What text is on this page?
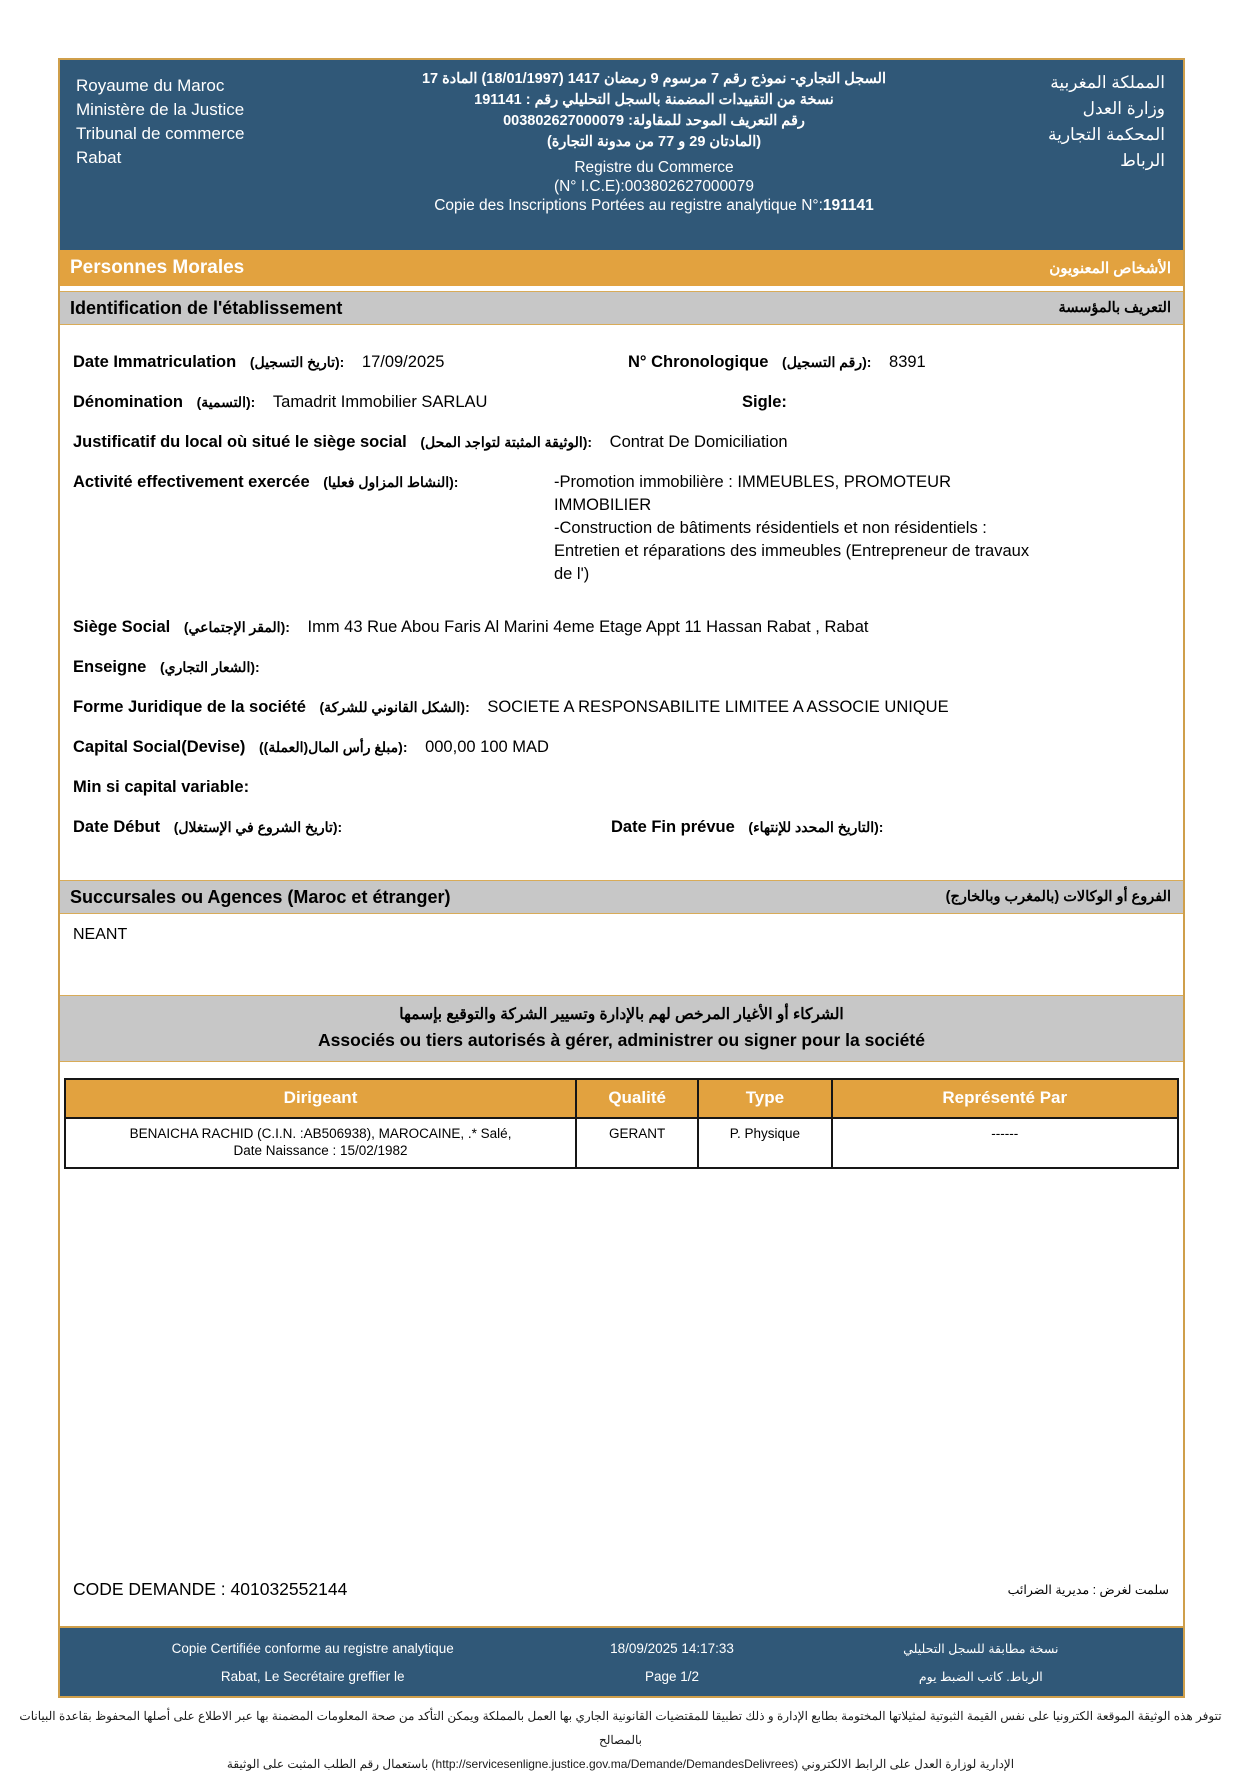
Royaume du Maroc
Ministère de la Justice
Tribunal de commerce
Rabat
السجل التجاري- نموذج رقم 7 مرسوم 9 رمضان 1417 (18/01/1997) المادة 17
نسخة من التقييدات المضمنة بالسجل التحليلي رقم : 191141
رقم التعريف الموحد للمقاولة: 003802627000079
(المادتان 29 و 77 من مدونة التجارة)
Registre du Commerce
(N° I.C.E):003802627000079
Copie des Inscriptions Portées au registre analytique N°:191141
المملكة المغربية
وزارة العدل
المحكمة التجارية
الرباط
Personnes Morales	الأشخاص المعنويون
Identification de l'établissement	التعريف بالمؤسسة
Date Immatriculation (تاريخ التسجيل): 17/09/2025	N° Chronologique (رقم التسجيل): 8391
Dénomination (التسمية): Tamadrit Immobilier SARLAU	Sigle:
Justificatif du local où situé le siège social (الوثيقة المثبتة لتواجد المحل): Contrat De Domiciliation
Activité effectivement exercée (النشاط المزاول فعليا):	-Promotion immobilière : IMMEUBLES, PROMOTEUR
IMMOBILIER
-Construction de bâtiments résidentiels et non résidentiels :
Entretien et réparations des immeubles (Entrepreneur de travaux
de l')
Siège Social (المقر الإجتماعي): Imm 43 Rue Abou Faris Al Marini 4eme Etage Appt 11 Hassan Rabat , Rabat
Enseigne (الشعار التجاري):
Forme Juridique de la société (الشكل القانوني للشركة): SOCIETE A RESPONSABILITE LIMITEE A ASSOCIE UNIQUE
Capital Social(Devise) (مبلغ رأس المال(العملة)): 100 000,00 MAD
Min si capital variable:
Date Début (تاريخ الشروع في الإستغلال):	Date Fin prévue (التاريخ المحدد للإنتهاء):
Succursales ou Agences (Maroc et étranger)	الفروع أو الوكالات (بالمغرب وبالخارج)
NEANT
الشركاء أو الأغيار المرخص لهم بالإدارة وتسيير الشركة والتوقيع بإسمها
Associés ou tiers autorisés à gérer, administrer ou signer pour la société
Dirigeant	Qualité	Type	Représenté Par
BENAICHA RACHID (C.I.N. :AB506938), MAROCAINE, .* Salé,
Date Naissance : 15/02/1982
GERANT	P. Physique	------
CODE DEMANDE : 401032552144	سلمت لغرض : مديرية الضرائب
Copie Certifiée conforme au registre analytique	18/09/2025 14:17:33	نسخة مطابقة للسجل التحليلي
Rabat, Le Secrétaire greffier le	Page 1/2	الرباط. كاتب الضبط يوم
تتوفر هذه الوثيقة الموقعة الكترونيا على نفس القيمة الثبوتية لمثيلاتها المختومة بطابع الإدارة و ذلك تطبيقا للمقتضيات القانونية الجاري بها العمل بالمملكة ويمكن التأكد من صحة المعلومات المضمنة بها عبر الاطلاع على أصلها المحفوظ بقاعدة البيانات بالمصالح
الإدارية لوزارة العدل على الرابط الالكتروني (http://servicesenligne.justice.gov.ma/Demande/DemandesDelivrees) باستعمال رقم الطلب المثبت على الوثيقة
